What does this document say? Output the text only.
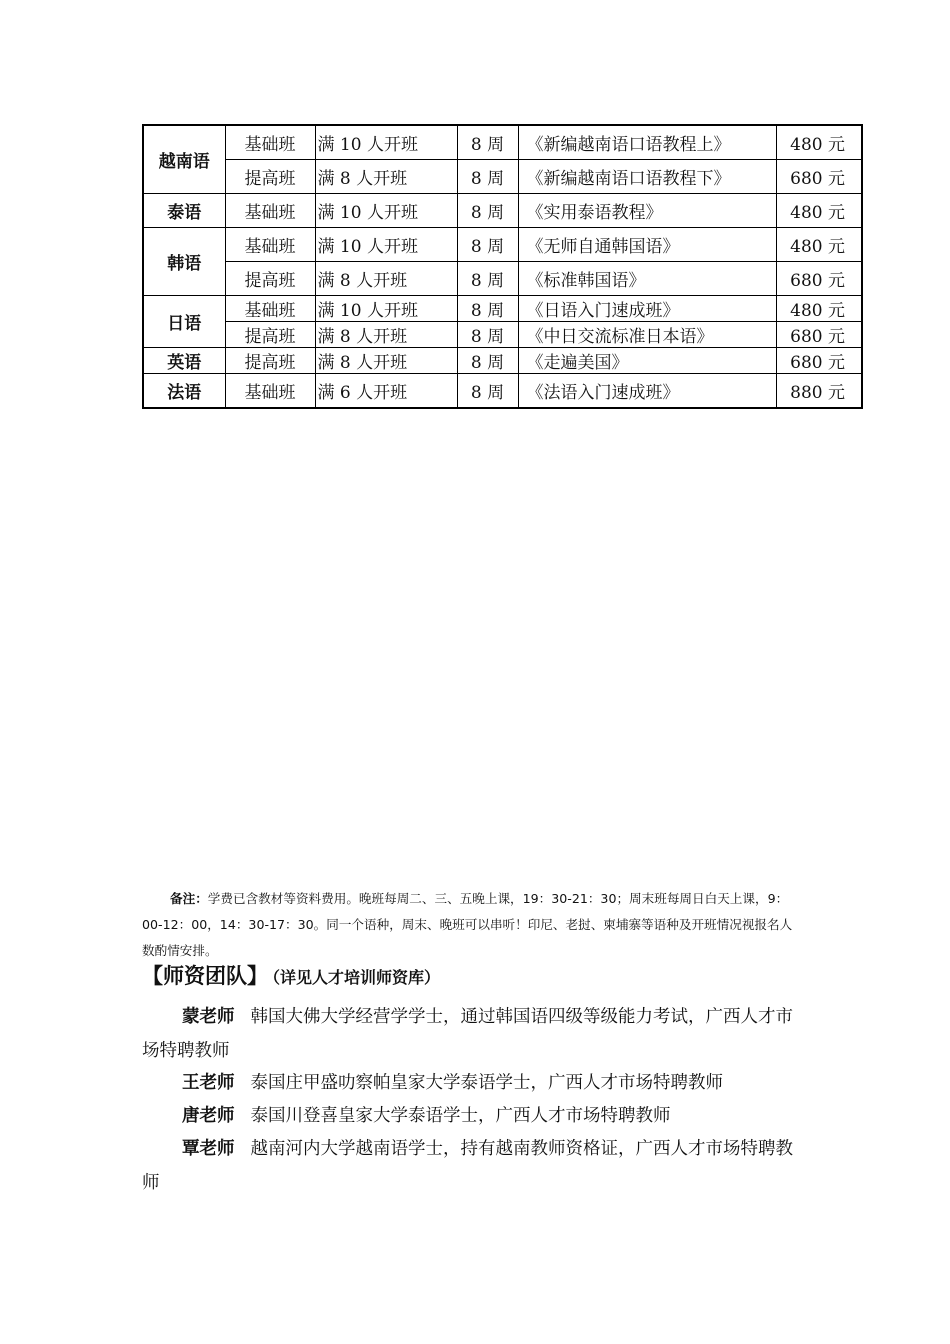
越南语	基础班	满 10 人开班	8 周	《新编越南语口语教程上》	480 元
	提高班	满 8 人开班	8 周	《新编越南语口语教程下》	680 元
泰语	基础班	满 10 人开班	8 周	《实用泰语教程》	480 元
韩语	基础班	满 10 人开班	8 周	《无师自通韩国语》	480 元
	提高班	满 8 人开班	8 周	《标准韩国语》	680 元
日语	基础班	满 10 人开班	8 周	《日语入门速成班》	480 元
	提高班	满 8 人开班	8 周	《中日交流标准日本语》	680 元
英语	提高班	满 8 人开班	8 周	《走遍美国》	680 元
法语	基础班	满 6 人开班	8 周	《法语入门速成班》	880 元
备注：学费已含教材等资料费用。晚班每周二、三、五晚上课，19：30-21：30；周末班每周日白天上课，9：00-12：00，14：30-17：30。同一个语种，周末、晚班可以串听！印尼、老挝、柬埔寨等语种及开班情况视报名人数酌情安排。
【师资团队】 （详见人才培训师资库）
蒙老师 韩国大佛大学经营学学士，通过韩国语四级等级能力考试，广西人才市场特聘教师
王老师 泰国庄甲盛叻察帕皇家大学泰语学士，广西人才市场特聘教师
唐老师 泰国川登喜皇家大学泰语学士，广西人才市场特聘教师
覃老师 越南河内大学越南语学士，持有越南教师资格证，广西人才市场特聘教师
